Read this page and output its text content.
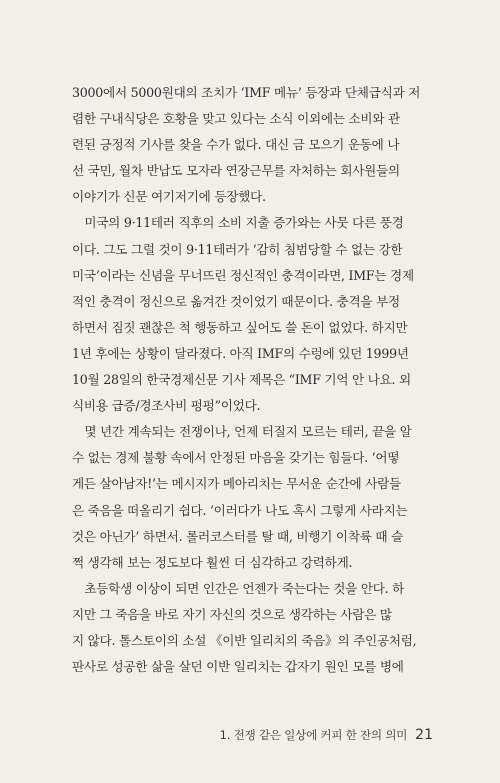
3000에서 5000원대의 조치가 ‘IMF 메뉴’ 등장과 단체급식과 저
렴한 구내식당은 호황을 맞고 있다는 소식 이외에는 소비와 관
련된 긍정적 기사를 찾을 수가 없다. 대신 금 모으기 운동에 나
선 국민, 월차 반납도 모자라 연장근무를 자처하는 회사원들의
이야기가 신문 여기저기에 등장했다.

　미국의 9·11테러 직후의 소비 지출 증가와는 사뭇 다른 풍경
이다. 그도 그럴 것이 9·11테러가 ‘감히 침범당할 수 없는 강한
미국’이라는 신념을 무너뜨린 정신적인 충격이라면, IMF는 경제
적인 충격이 정신으로 옮겨간 것이었기 때문이다. 충격을 부정
하면서 짐짓 괜찮은 척 행동하고 싶어도 쓸 돈이 없었다. 하지만
1년 후에는 상황이 달라졌다. 아직 IMF의 수렁에 있던 1999년
10월 28일의 한국경제신문 기사 제목은 “IMF 기억 안 나요. 외
식비용 급증/경조사비 펑펑”이었다.

　몇 년간 계속되는 전쟁이나, 언제 터질지 모르는 테러, 끝을 알
수 없는 경제 불황 속에서 안정된 마음을 갖기는 힘들다. ‘어떻
게든 살아남자!’는 메시지가 메아리치는 무서운 순간에 사람들
은 죽음을 떠올리기 쉽다. ‘이러다가 나도 혹시 그렇게 사라지는
것은 아닌가’ 하면서. 롤러코스터를 탈 때, 비행기 이착륙 때 슬
쩍 생각해 보는 정도보다 훨씬 더 심각하고 강력하게.

　초등학생 이상이 되면 인간은 언젠가 죽는다는 것을 안다. 하
지만 그 죽음을 바로 자기 자신의 것으로 생각하는 사람은 많
지 않다. 톨스토이의 소설 《이반 일리치의 죽음》의 주인공처럼,
판사로 성공한 삶을 살던 이반 일리치는 갑자기 원인 모를 병에

1. 전쟁 같은 일상에 커피 한 잔의 의미 21
